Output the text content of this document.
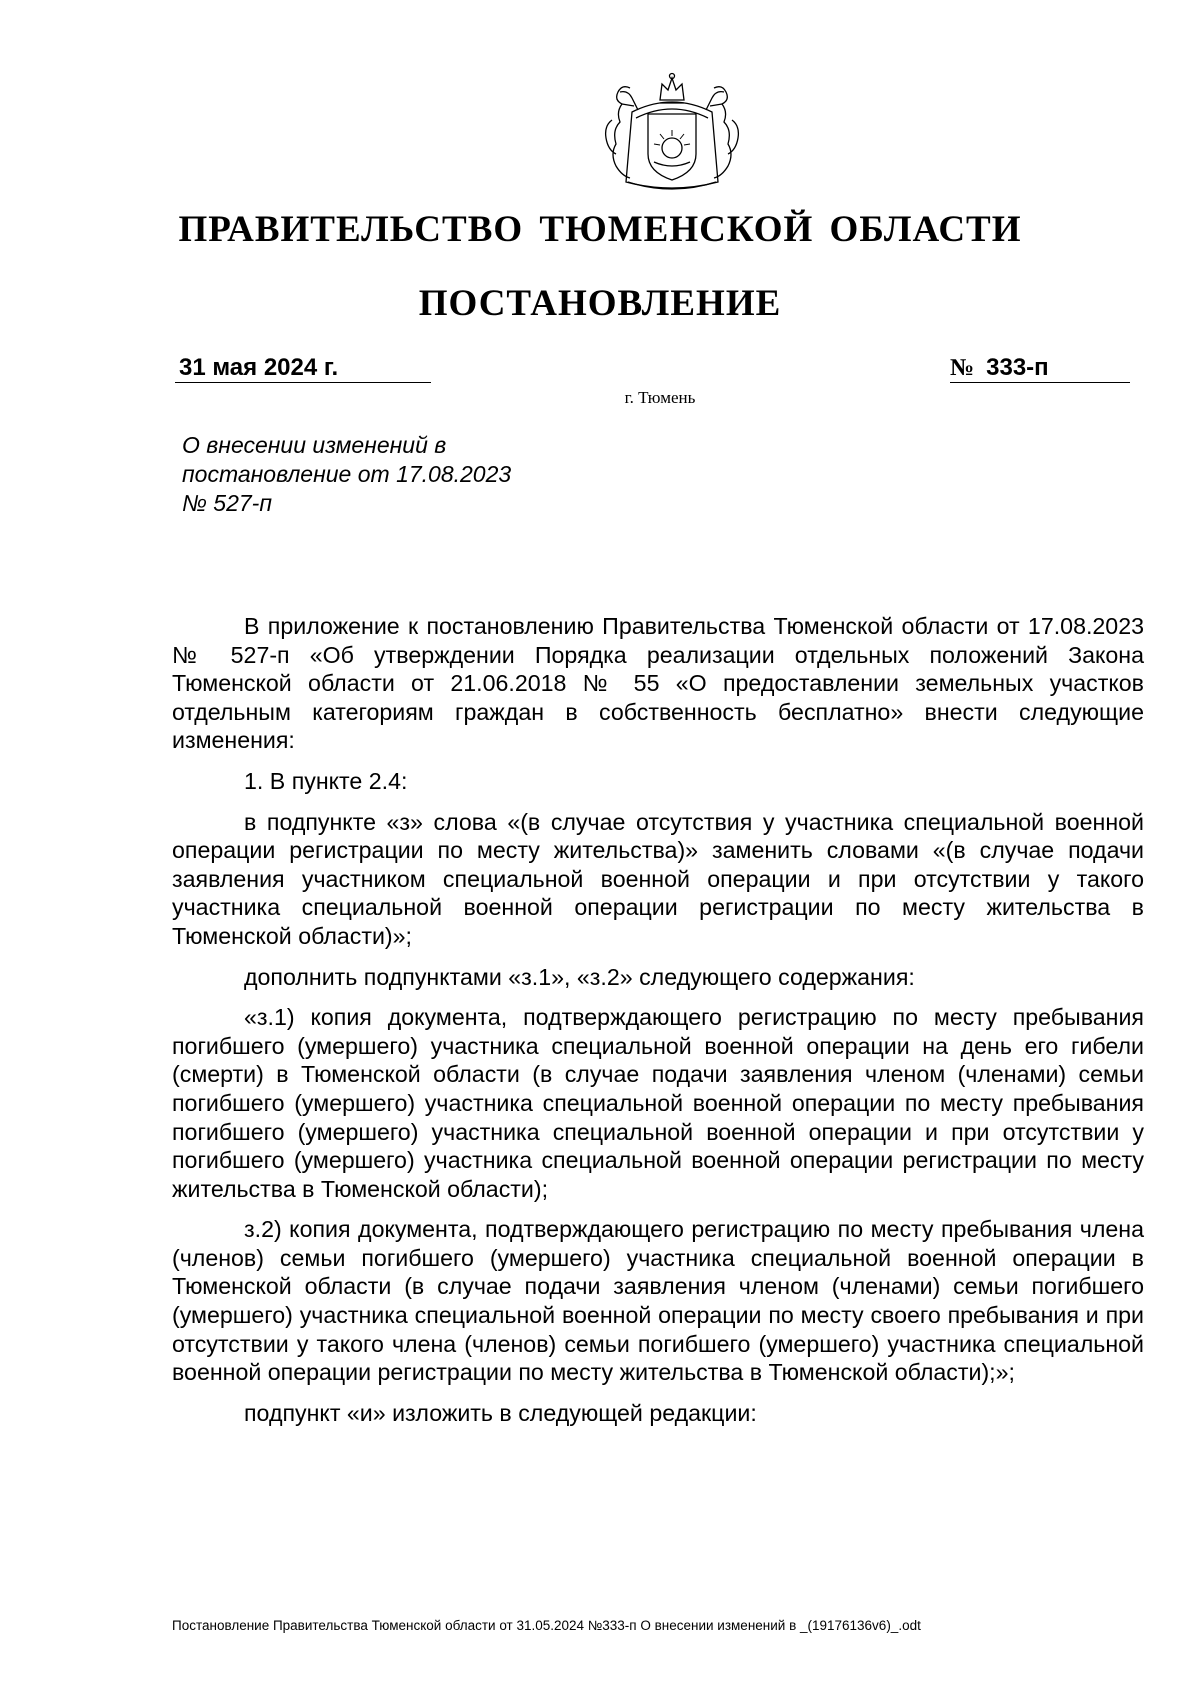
ПРАВИТЕЛЬСТВО ТЮМЕНСКОЙ ОБЛАСТИ
ПОСТАНОВЛЕНИЕ
31 мая 2024 г.	№ 333-п
г. Тюмень
О внесении изменений в
постановление от 17.08.2023
№ 527-п

В приложение к постановлению Правительства Тюменской области от 17.08.2023 № 527-п «Об утверждении Порядка реализации отдельных положений Закона Тюменской области от 21.06.2018 № 55 «О предоставлении земельных участков отдельным категориям граждан в собственность бесплатно» внести следующие изменения:

1. В пункте 2.4:

в подпункте «з» слова «(в случае отсутствия у участника специальной военной операции регистрации по месту жительства)» заменить словами «(в случае подачи заявления участником специальной военной операции и при отсутствии у такого участника специальной военной операции регистрации по месту жительства в Тюменской области)»;

дополнить подпунктами «з.1», «з.2» следующего содержания:

«з.1) копия документа, подтверждающего регистрацию по месту пребывания погибшего (умершего) участника специальной военной операции на день его гибели (смерти) в Тюменской области (в случае подачи заявления членом (членами) семьи погибшего (умершего) участника специальной военной операции по месту пребывания погибшего (умершего) участника специальной военной операции и при отсутствии у погибшего (умершего) участника специальной военной операции регистрации по месту жительства в Тюменской области);

з.2) копия документа, подтверждающего регистрацию по месту пребывания члена (членов) семьи погибшего (умершего) участника специальной военной операции в Тюменской области (в случае подачи заявления членом (членами) семьи погибшего (умершего) участника специальной военной операции по месту своего пребывания и при отсутствии у такого члена (членов) семьи погибшего (умершего) участника специальной военной операции регистрации по месту жительства в Тюменской области);»;

подпункт «и» изложить в следующей редакции:

Постановление Правительства Тюменской области от 31.05.2024 №333-п О внесении изменений в _(19176136v6)_.odt
